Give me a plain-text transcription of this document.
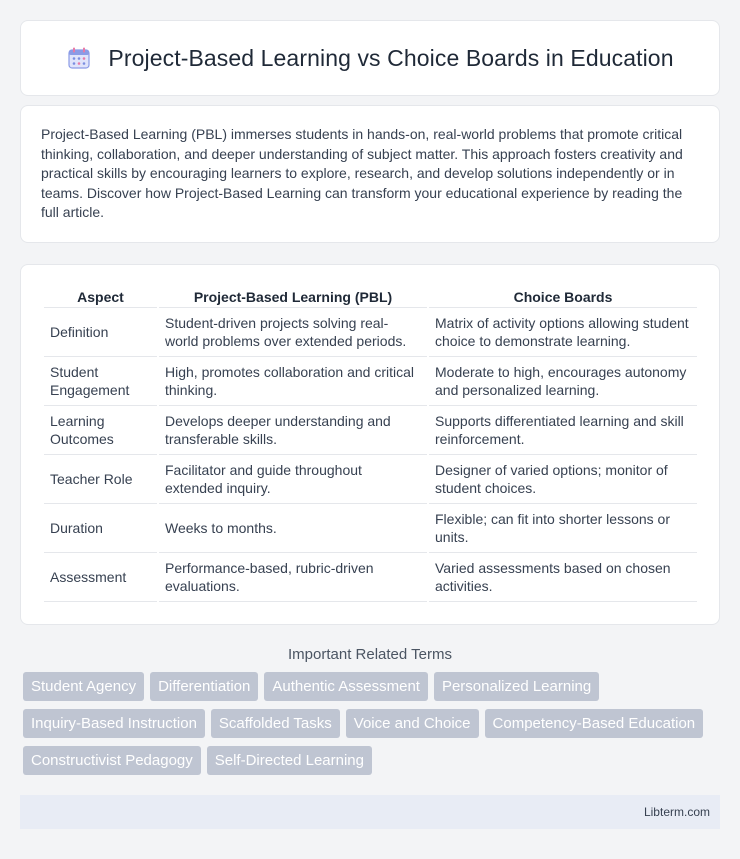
Project-Based Learning vs Choice Boards in Education

Project-Based Learning (PBL) immerses students in hands-on, real-world problems that promote critical thinking, collaboration, and deeper understanding of subject matter. This approach fosters creativity and practical skills by encouraging learners to explore, research, and develop solutions independently or in teams. Discover how Project-Based Learning can transform your educational experience by reading the full article.

Aspect	Project-Based Learning (PBL)	Choice Boards
Definition	Student-driven projects solving real-world problems over extended periods.	Matrix of activity options allowing student choice to demonstrate learning.
Student Engagement	High, promotes collaboration and critical thinking.	Moderate to high, encourages autonomy and personalized learning.
Learning Outcomes	Develops deeper understanding and transferable skills.	Supports differentiated learning and skill reinforcement.
Teacher Role	Facilitator and guide throughout extended inquiry.	Designer of varied options; monitor of student choices.
Duration	Weeks to months.	Flexible; can fit into shorter lessons or units.
Assessment	Performance-based, rubric-driven evaluations.	Varied assessments based on chosen activities.
Important Related Terms
Student Agency	Differentiation	Authentic Assessment	Personalized Learning
Inquiry-Based Instruction	Scaffolded Tasks	Voice and Choice	Competency-Based Education
Constructivist Pedagogy	Self-Directed Learning
Libterm.com
